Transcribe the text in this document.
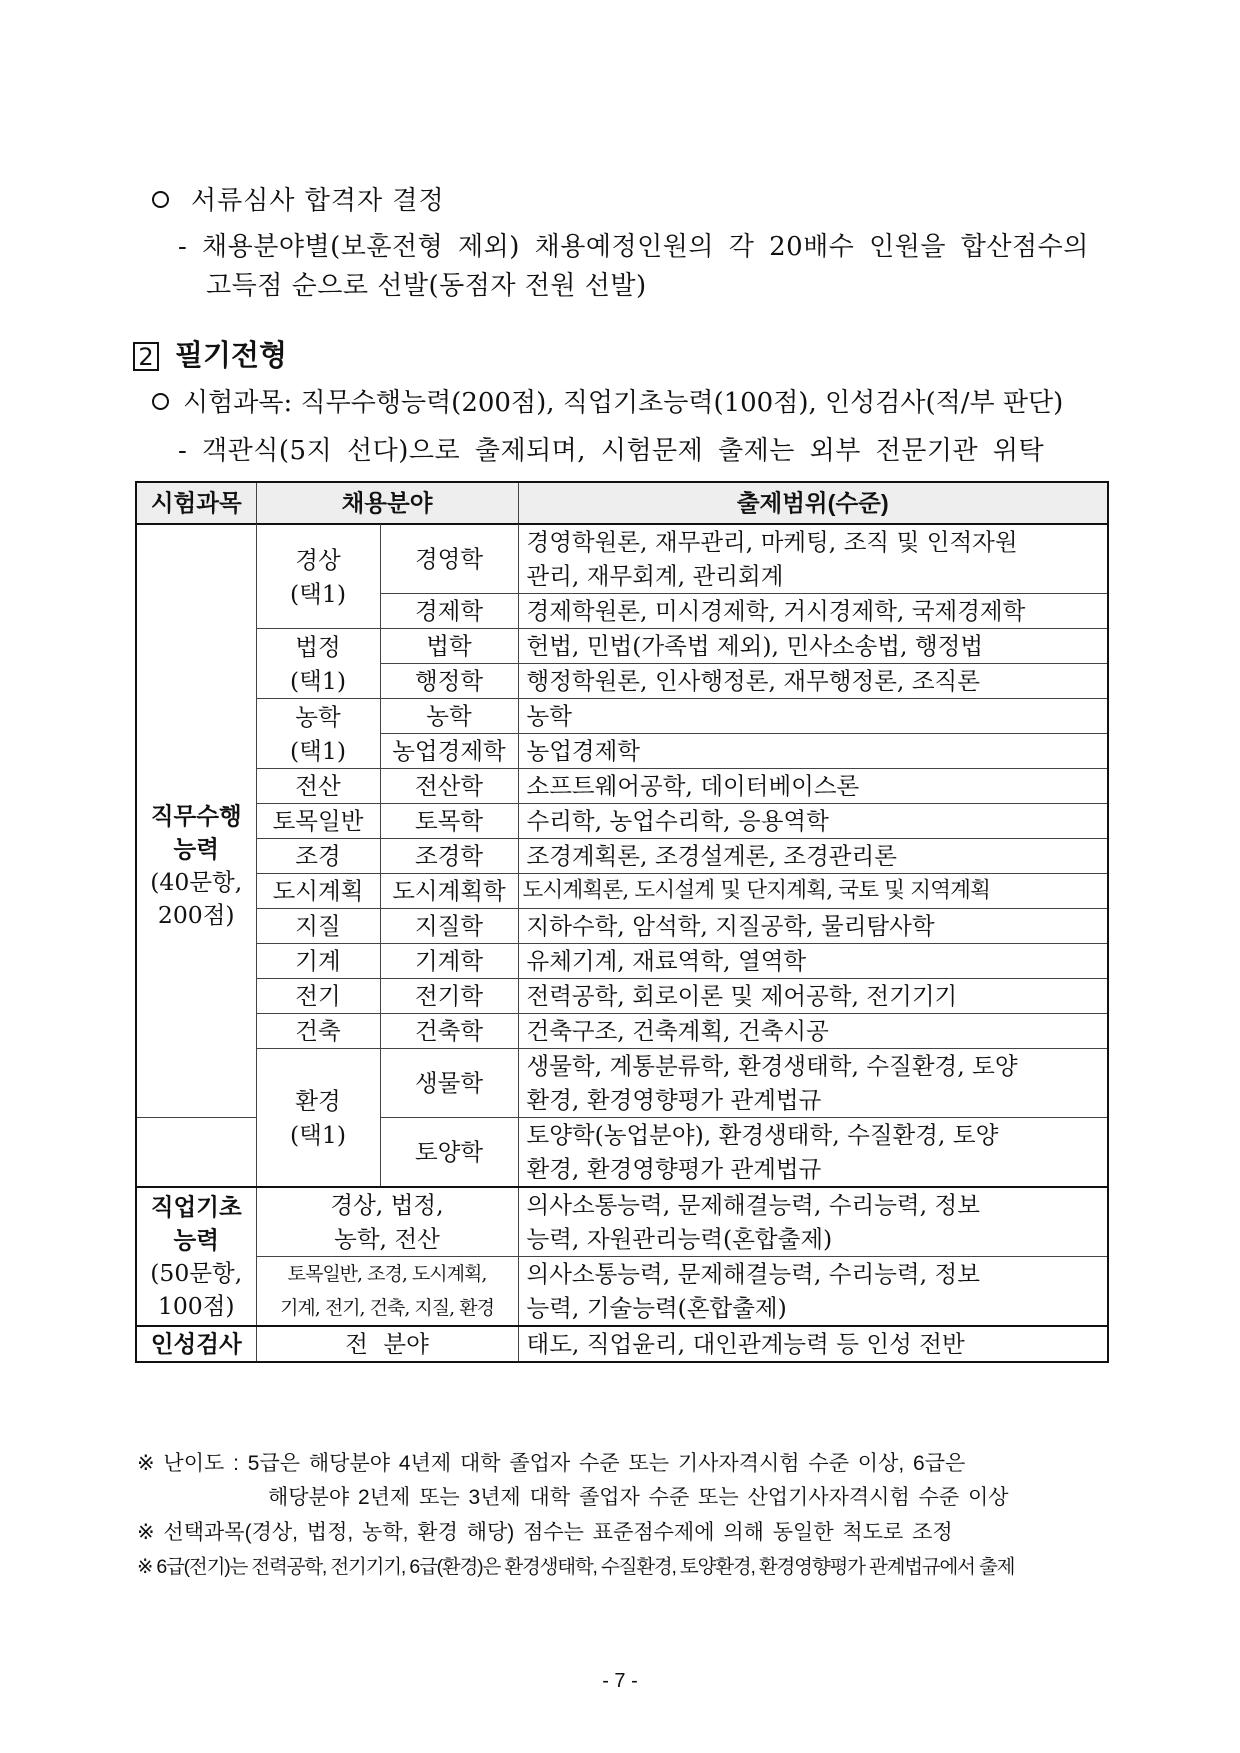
서류심사 합격자 결정
- 채용분야별(보훈전형 제외) 채용예정인원의 각 20배수 인원을 합산점수의
고득점 순으로 선발(동점자 전원 선발)
2 필기전형
시험과목: 직무수행능력(200점), 직업기초능력(100점), 인성검사(적/부 판단)
- 객관식(5지 선다)으로 출제되며, 시험문제 출제는 외부 전문기관 위탁
시험과목	채용분야		출제범위(수준)
직무수행
능력
(40문항,
200점)	경상
(택1)	경영학	경영학원론, 재무관리, 마케팅, 조직 및 인적자원
관리, 재무회계, 관리회계

		경제학	경제학원론, 미시경제학, 거시경제학, 국제경제학
	법정
(택1)	법학	헌법, 민법(가족법 제외), 민사소송법, 행정법
		행정학	행정학원론, 인사행정론, 재무행정론, 조직론
	농학
(택1)	농학	농학
		농업경제학	농업경제학
	전산	전산학	소프트웨어공학, 데이터베이스론
	토목일반	토목학	수리학, 농업수리학, 응용역학
	조경	조경학	조경계획론, 조경설계론, 조경관리론
	도시계획	도시계획학	도시계획론, 도시설계 및 단지계획, 국토 및 지역계획
	지질	지질학	지하수학, 암석학, 지질공학, 물리탐사학
	기계	기계학	유체기계, 재료역학, 열역학
	전기	전기학	전력공학, 회로이론 및 제어공학, 전기기기
	건축	건축학	건축구조, 건축계획, 건축시공
	환경
(택1)	생물학	생물학, 계통분류학, 환경생태학, 수질환경, 토양
환경, 환경영향평가 관계법규

		토양학	토양학(농업분야), 환경생태학, 수질환경, 토양
환경, 환경영향평가 관계법규

직업기초
능력
(50문항,
100점)	경상, 법정,
농학, 전산		의사소통능력, 문제해결능력, 수리능력, 정보
능력, 자원관리능력(혼합출제)
	토목일반, 조경, 도시계획,
기계, 전기, 건축, 지질, 환경		의사소통능력, 문제해결능력, 수리능력, 정보
능력, 기술능력(혼합출제)
인성검사	전 분야		태도, 직업윤리, 대인관계능력 등 인성 전반
※ 난이도 : 5급은 해당분야 4년제 대학 졸업자 수준 또는 기사자격시험 수준 이상, 6급은
해당분야 2년제 또는 3년제 대학 졸업자 수준 또는 산업기사자격시험 수준 이상
※ 선택과목(경상, 법정, 농학, 환경 해당) 점수는 표준점수제에 의해 동일한 척도로 조정
※ 6급(전기)는 전력공학, 전기기기, 6급(환경)은 환경생태학, 수질환경, 토양환경, 환경영향평가 관계법규에서 출제
- 7 -
